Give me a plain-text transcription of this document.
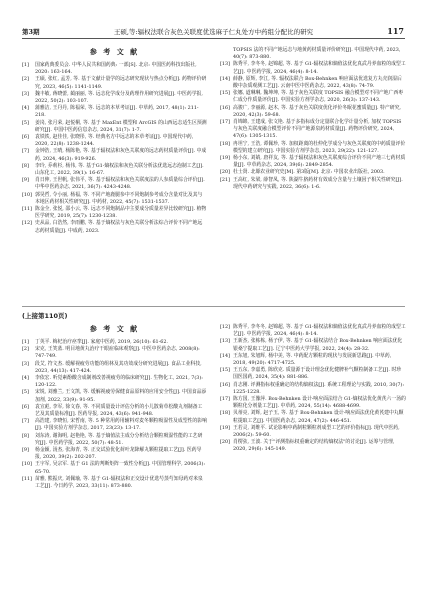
第3期	王硕,等:辐权法联合灰色关联度优选麻子仁丸处方中药组分配比的研究	117
参 考 文 献
[1] 国家药典委员会. 中华人民共和国药典: 一部[S]. 北京: 中国医药科技出版社, 2020: 163-164.
[2] 王硕, 张红, 孟芳, 等. 基于文献计量学的远志研究现状与热点分析[J]. 药物评价研究, 2023, 46(5): 1141-1149.
[3] 魏丰敏, 蒋晓蕾, 蔺丽丽, 等. 远志化学成分及药理作用研究进展[J]. 中医药学报, 2022, 50(2): 103-107.
[4] 蒲雅洁, 王丹丹, 陈福荣, 等. 远志的本草考证[J]. 中草药, 2017, 48(1): 211-218.
[5] 姜岗, 张月荣, 赵悦桐, 等. 基于 MaxEnt 模型和 ArcGIS 的山西远志适生区预测研究[J]. 中国中医药信息杂志, 2024, 31(7): 1-7.
[6] 袁铁铁, 赵佳佳, 张晓彤, 等. 经典名方中远志的本草考证[J]. 中国现代中药, 2020, 22(8): 1238-1244.
[7] 金钟浩, 王晴, 杨陈艳, 等. 基于辐权法和灰色关联度的远志药材质量评价[J]. 中成药, 2024, 46(3): 919-926.
[8] 李玲, 乔莉杉, 杨伟, 等. 基于G1-熵权法和灰色关联分析法优选远志泡制工艺[J]. 山东化工, 2022, 39(1): 16-67.
[9] 肖日伸, 王世帆, 张伟平, 等. 基于辐权法和灰色关联度法的人参质量综合评价[J]. 中华中医药杂志, 2021, 36(7): 4243-4248.
[10] 郭昊哲, 令小丽, 杨福, 等. 不同产地鹿腿参中不同炮制参考成分含量对比及其与本地区药材相关性研究[J]. 中药材, 2022, 45(7): 1531-1537.
[11] 陈金全, 张悦, 邵小云, 等. 远志不同炮制品中主要成分质量差异比较研究[J]. 植物医学研究, 2019, 25(7): 1230-1238.
[12] 史从品, 白浩然, 李雨鹏, 等. 基于熵权法与灰色关联分析法综合评价不同产地远志药材质量[J]. 中成药, 2023.
TOPSIS 法的不同产地远志与地黄药材质量评价研究[J]. 中国现代中药, 2023, 40(7): 873-880.
[13] 陈秀平, 李冬冬, 赵锦超, 等. 基于 G1-辐权法和熵值法优化真武丹养血粒的成型工艺[J]. 中医药学报, 2024, 46(4): 8-14.
[14] 薛静, 原辉, 李江, 等. 辐权法联合 Box-Behnken 响应面法优选复方丸壳润湿后酸中杂质观测工艺[J]. 云南中医中医药杂志, 2022, 43(8): 74-79.
[15] 张娜, 道琳琳, 魏坤坤, 等. 基于灰色关联度 TOPSIS 融合模型对不同产地广西枣仁成分作质量评价[J]. 中国实验方剂学杂志, 2020, 26(3): 137-143.
[16] 高骏广, 李丽源, 赵木, 等. 基于灰色关联度优化评价冬眠花蜜质量[J]. 特产研究, 2020, 42(3): 59-68.
[17] 肖锦锦, 王建成, 张文艳. 基于多指标成分定量联合化学计量分析, 加权 TOPSIS 与灰色关联度融合模型评价不同产地源泉药材质量[J]. 药物评价研究, 2024, 47(6): 1305-1315.
[18] 冉坦宁, 王浩, 谭佩珍, 等. 加权距离的杜仲化学成分与灰色关联度的中药质量评价模型的建立研究[J]. 中国实验方剂学杂志, 2023, 29(22): 121-127.
[19] 杨小东, 刘婧, 唐祥友, 等. 基于辐权法和灰色关联度综合评价不同产地三七药材质量[J]. 中草药杂志, 2024, 39(6): 2849-2854.
[20] 杜士贤. 北塬农业研究史[M]. 第3版[M]. 北京: 中国农业出版社, 2003.
[21] 王高红, 朱梁, 薛智凤, 等. 陕湖牛脐药材有效成分含量与土壤因子相关性研究[J]. 现代中药研究与实践, 2022, 36(6): 1-6.
(上接第110页)
参 考 文 献
[1] 丁英平. 梅杞治疗痉挛[J]. 家庭中医药, 2019, 26(10): 61-62.
[2] 宋克, 王笑蓝. 明目地黄丸治疗干眼症临床观察[J]. 中医中医药杂志, 2008(8): 747-749.
[3] 段艾, 符文杰. 缓解视疲劳功能的组林及其功效成分研究进展[J]. 食品工业科技, 2023, 44(13): 417-424.
[4] 李依宏. 听觉素酚酸含成制剂改善视疲劳的临床研究[J]. 生物化工, 2021, 7(3): 120-122.
[5] 宋锐, 刘雅兰, 王文凯, 等. 缓解视疲劳保健食品原料的应用安全性[J]. 中国食品添加剂, 2022, 33(9): 91-95.
[6] 袁宣彪, 李军, 徐文春, 等. 不同质量设计评估分析的小儿散菊草松酸丸剂制备工艺及其质量标准[J]. 医药导报, 2024, 43(6): 941-948.
[7] 高浩建, 李晓恒, 宋哲南, 等. 5 种常用药用辅料对麦冬颗粒吸湿性及成型性的影响[J]. 中国实验方剂学杂志, 2017, 23(23): 13-17.
[8] 刘东涛, 谢海明, 赵艳艳, 等. 基于熵值法主成分分析结合颗粒吸湿性能的工艺研究[J]. 中医药学报, 2022, 50(7): 48-51.
[9] 杨金颖, 汤杰, 张海青, 等. 正交试验优化荷叶龙降解丸颗粒提取工艺[J]. 医药导报, 2020, 39(2): 202-207.
[10] 王宇军, 吴宗军. 基于 G1 法的判断矩阵一致性分析[J]. 中国管理科学, 2006(3): 65-70.
[11] 苗雅, 熊振庆, 刘佩瑜, 等. 基于 G1-辐权法和正交设计优选芍蒸芍知母药对米泉工艺[J]. 今日药学, 2023, 33(11): 873-880.
[12] 陈秀平, 李冬冬, 赵锦超, 等. 基于 G1-辐权法和熵值法优化真武丹养血粒的成型工艺[J]. 中医药学报, 2024, 46(4): 8-14.
[13] 王新杰, 张栋栋, 杨子伊, 等. 基于 G1-辐权法结合 Box-Behnken 响应面法优化银桑宁提取工艺[J]. 辽宁中医药大学学报, 2022, 24(4): 28-32.
[14] 王东旭, 朱旭辉, 杨中美, 等. 中药配方颗粒的现状与发展新思路[J]. 中草药, 2018, 49(20): 4717-4725.
[15] 王五东, 李嘉勇, 陈欣克. 质量源于设计理念优化健脾补气颗粒制备工艺[J]. 时珍国医国药, 2024, 35(4): 881-886.
[16] 肖志刚. 评测指标权重确定的结构熵权法[J]. 系统工程理论与实践, 2010, 30(7): 1225-1228.
[17] 陈方国, 王豫萍. Box-Behnken 设计-响应面法结合 G1-熵权法优化黄芪六一汤的颗粒化分剂量工艺[J]. 中草药, 2024, 55(14): 4688-4699.
[18] 贝蒂亮, 刘辉, 赵子玉, 等. 基于 Box-Behnken 设计-响应面法优化黄芪建中丸颗粒提取工艺[J]. 中国医药杂志, 2024, 47(2): 446-451.
[19] 王若灵, 刘维平. 试论影响中药制粒颗粒剂成型工艺的评价指标[J]. 现代中医药, 2006(2): 59-60.
[20] 肖楞弦, 王波. 关于"评测指标权重确定的结构熵权法"的讨论[J]. 运筹与管理, 2020, 29(6): 145-149.
